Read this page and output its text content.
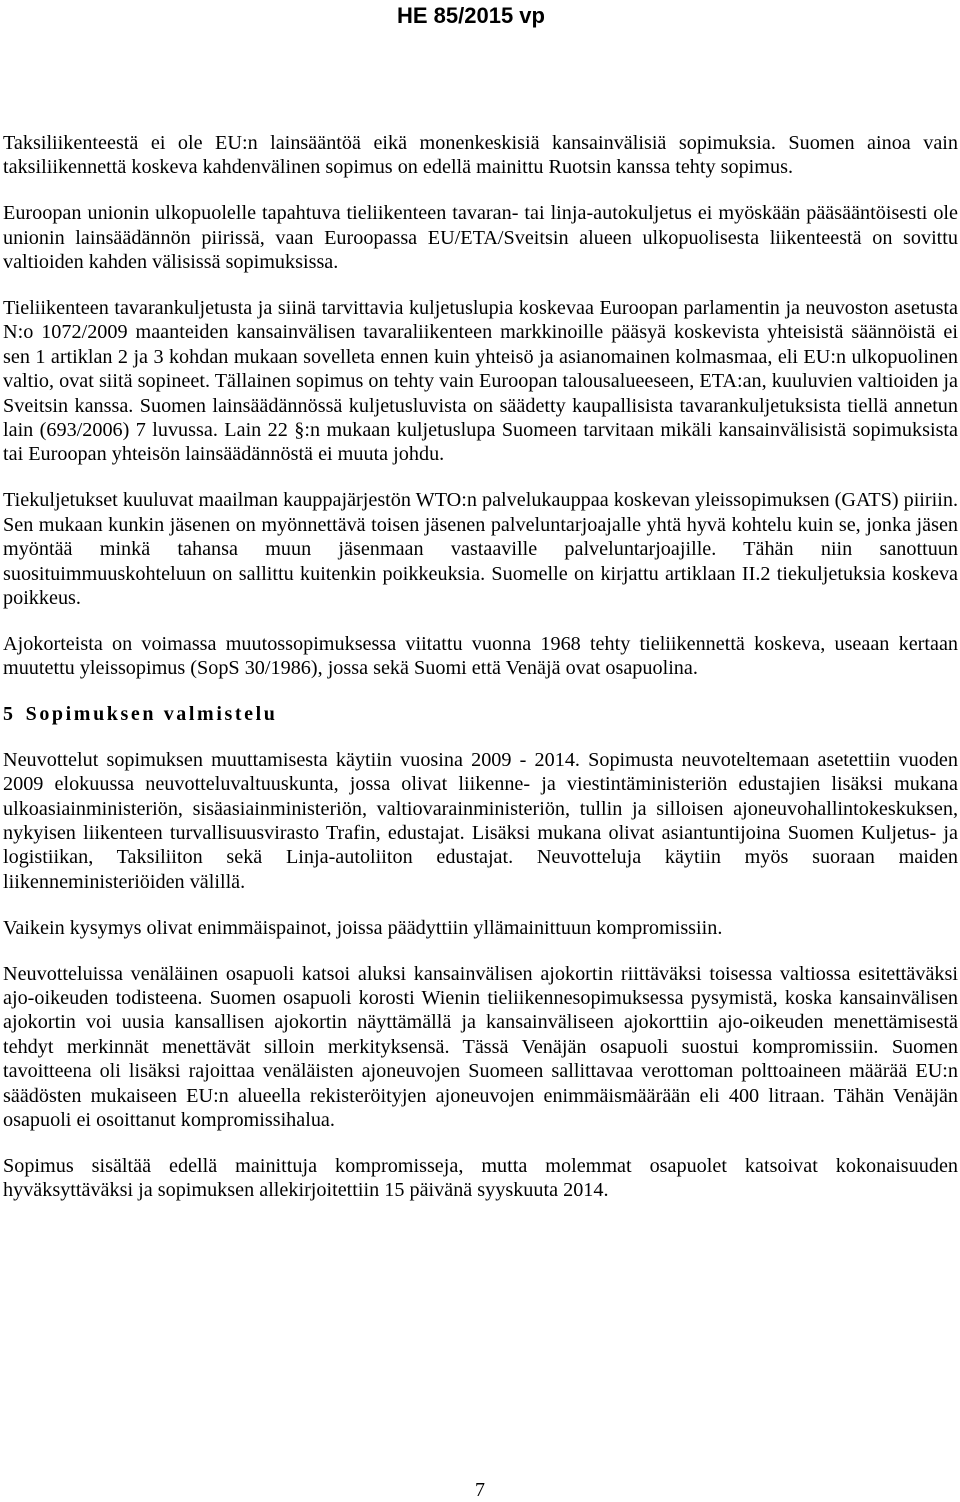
HE 85/2015 vp

Taksiliikenteestä ei ole EU:n lainsääntöä eikä monenkeskisiä kansainvälisiä sopimuksia. Suomen ainoa vain taksiliikennettä koskeva kahdenvälinen sopimus on edellä mainittu Ruotsin kanssa tehty sopimus.

Euroopan unionin ulkopuolelle tapahtuva tieliikenteen tavaran- tai linja-autokuljetus ei myöskään pääsääntöisesti ole unionin lainsäädännön piirissä, vaan Euroopassa EU/ETA/Sveitsin alueen ulkopuolisesta liikenteestä on sovittu valtioiden kahden välisissä sopimuksissa.

Tieliikenteen tavarankuljetusta ja siinä tarvittavia kuljetuslupia koskevaa Euroopan parlamentin ja neuvoston asetusta N:o 1072/2009 maanteiden kansainvälisen tavaraliikenteen markkinoille pääsyä koskevista yhteisistä säännöistä ei sen 1 artiklan 2 ja 3 kohdan mukaan sovelleta ennen kuin yhteisö ja asianomainen kolmasmaa, eli EU:n ulkopuolinen valtio, ovat siitä sopineet. Tällainen sopimus on tehty vain Euroopan talousalueeseen, ETA:an, kuuluvien valtioiden ja Sveitsin kanssa. Suomen lainsäädännössä kuljetusluvista on säädetty kaupallisista tavarankuljetuksista tiellä annetun lain (693/2006) 7 luvussa. Lain 22 §:n mukaan kuljetuslupa Suomeen tarvitaan mikäli kansainvälisistä sopimuksista tai Euroopan yhteisön lainsäädännöstä ei muuta johdu.

Tiekuljetukset kuuluvat maailman kauppajärjestön WTO:n palvelukauppaa koskevan yleissopimuksen (GATS) piiriin. Sen mukaan kunkin jäsenen on myönnettävä toisen jäsenen palveluntarjoajalle yhtä hyvä kohtelu kuin se, jonka jäsen myöntää minkä tahansa muun jäsenmaan vastaaville palveluntarjoajille. Tähän niin sanottuun suosituimmuuskohteluun on sallittu kuitenkin poikkeuksia. Suomelle on kirjattu artiklaan II.2 tiekuljetuksia koskeva poikkeus.

Ajokorteista on voimassa muutossopimuksessa viitattu vuonna 1968 tehty tieliikennettä koskeva, useaan kertaan muutettu yleissopimus (SopS 30/1986), jossa sekä Suomi että Venäjä ovat osapuolina.

5 Sopimuksen valmistelu

Neuvottelut sopimuksen muuttamisesta käytiin vuosina 2009 - 2014. Sopimusta neuvoteltemaan asetettiin vuoden 2009 elokuussa neuvotteluvaltuuskunta, jossa olivat liikenne- ja viestintäministeriön edustajien lisäksi mukana ulkoasiainministeriön, sisäasiainministeriön, valtiovarainministeriön, tullin ja silloisen ajoneuvohallintokeskuksen, nykyisen liikenteen turvallisuusvirasto Trafin, edustajat. Lisäksi mukana olivat asiantuntijoina Suomen Kuljetus- ja logistiikan, Taksiliiton sekä Linja-autoliiton edustajat. Neuvotteluja käytiin myös suoraan maiden liikenneministeriöiden välillä.

Vaikein kysymys olivat enimmäispainot, joissa päädyttiin yllämainittuun kompromissiin.

Neuvotteluissa venäläinen osapuoli katsoi aluksi kansainvälisen ajokortin riittäväksi toisessa valtiossa esitettäväksi ajo-oikeuden todisteena. Suomen osapuoli korosti Wienin tieliikennesopimuksessa pysymistä, koska kansainvälisen ajokortin voi uusia kansallisen ajokortin näyttämällä ja kansainväliseen ajokorttiin ajo-oikeuden menettämisestä tehdyt merkinnät menettävät silloin merkityksensä. Tässä Venäjän osapuoli suostui kompromissiin. Suomen tavoitteena oli lisäksi rajoittaa venäläisten ajoneuvojen Suomeen sallittavaa verottoman polttoaineen määrää EU:n säädösten mukaiseen EU:n alueella rekisteröityjen ajoneuvojen enimmäismäärään eli 400 litraan. Tähän Venäjän osapuoli ei osoittanut kompromissihalua.

Sopimus sisältää edellä mainittuja kompromisseja, mutta molemmat osapuolet katsoivat kokonaisuuden hyväksyttäväksi ja sopimuksen allekirjoitettiin 15 päivänä syyskuuta 2014.

7
